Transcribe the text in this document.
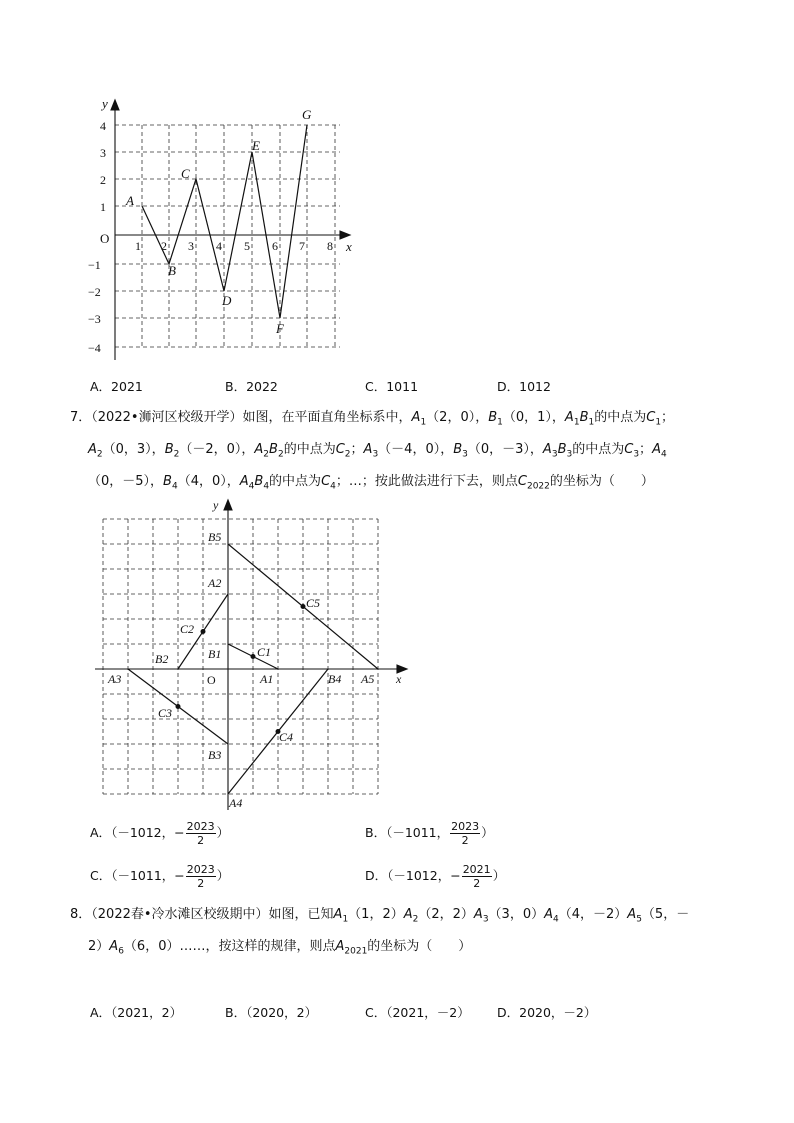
y
x
O
A
B
C
D
E
F
G
1 2 3 4 5 6 7 8
4
3
2
1
−1
−2
−3
−4
A．2021	B．2022	C．1011	D．1012
7．（2022•浉河区校级开学）如图，在平面直角坐标系中，$A_1(2$，0），$B_1(0$，1），$A_1B_1$的中点为$C_1$；
$A_2(0$，3），$B_2(-2$，0），$A_2B_2$的中点为$C_2$；$A_3(-4$，0），$B_3(0$，－3），$A_3B_3$的中点为$C_3$；$A_4$
（0，－5），$B_4(4$，0），$A_4B_4$的中点为$C_4$；…；按此做法进行下去，则点$C_{2022}$的坐标为（　　）
y
x
O
B5
A2
C5
C2
B1	C1
B2
A3	A1	B4 A5
C3
C4
B3
A4
A．（－1012，− $\frac{2023}{2}$ ）	B．（－1011， $\frac{2023}{2}$ ）
C．（－1011，− $\frac{2023}{2}$ ）	D．（－1012，− $\frac{2021}{2}$ ）
8．（2022春•冷水滩区校级期中）如图，已知$A_1(1$，$2)A_2(2$，$2)A_3(3$，$0)A_4(4$，$-2)A_5(5$，－
$2)A_6(6$，0）……，按这样的规律，则点$A_{2021}$的坐标为（　　）
A．（2021，2）	B．（2020，2）	C．（2021，－2） D．2020，－2）
